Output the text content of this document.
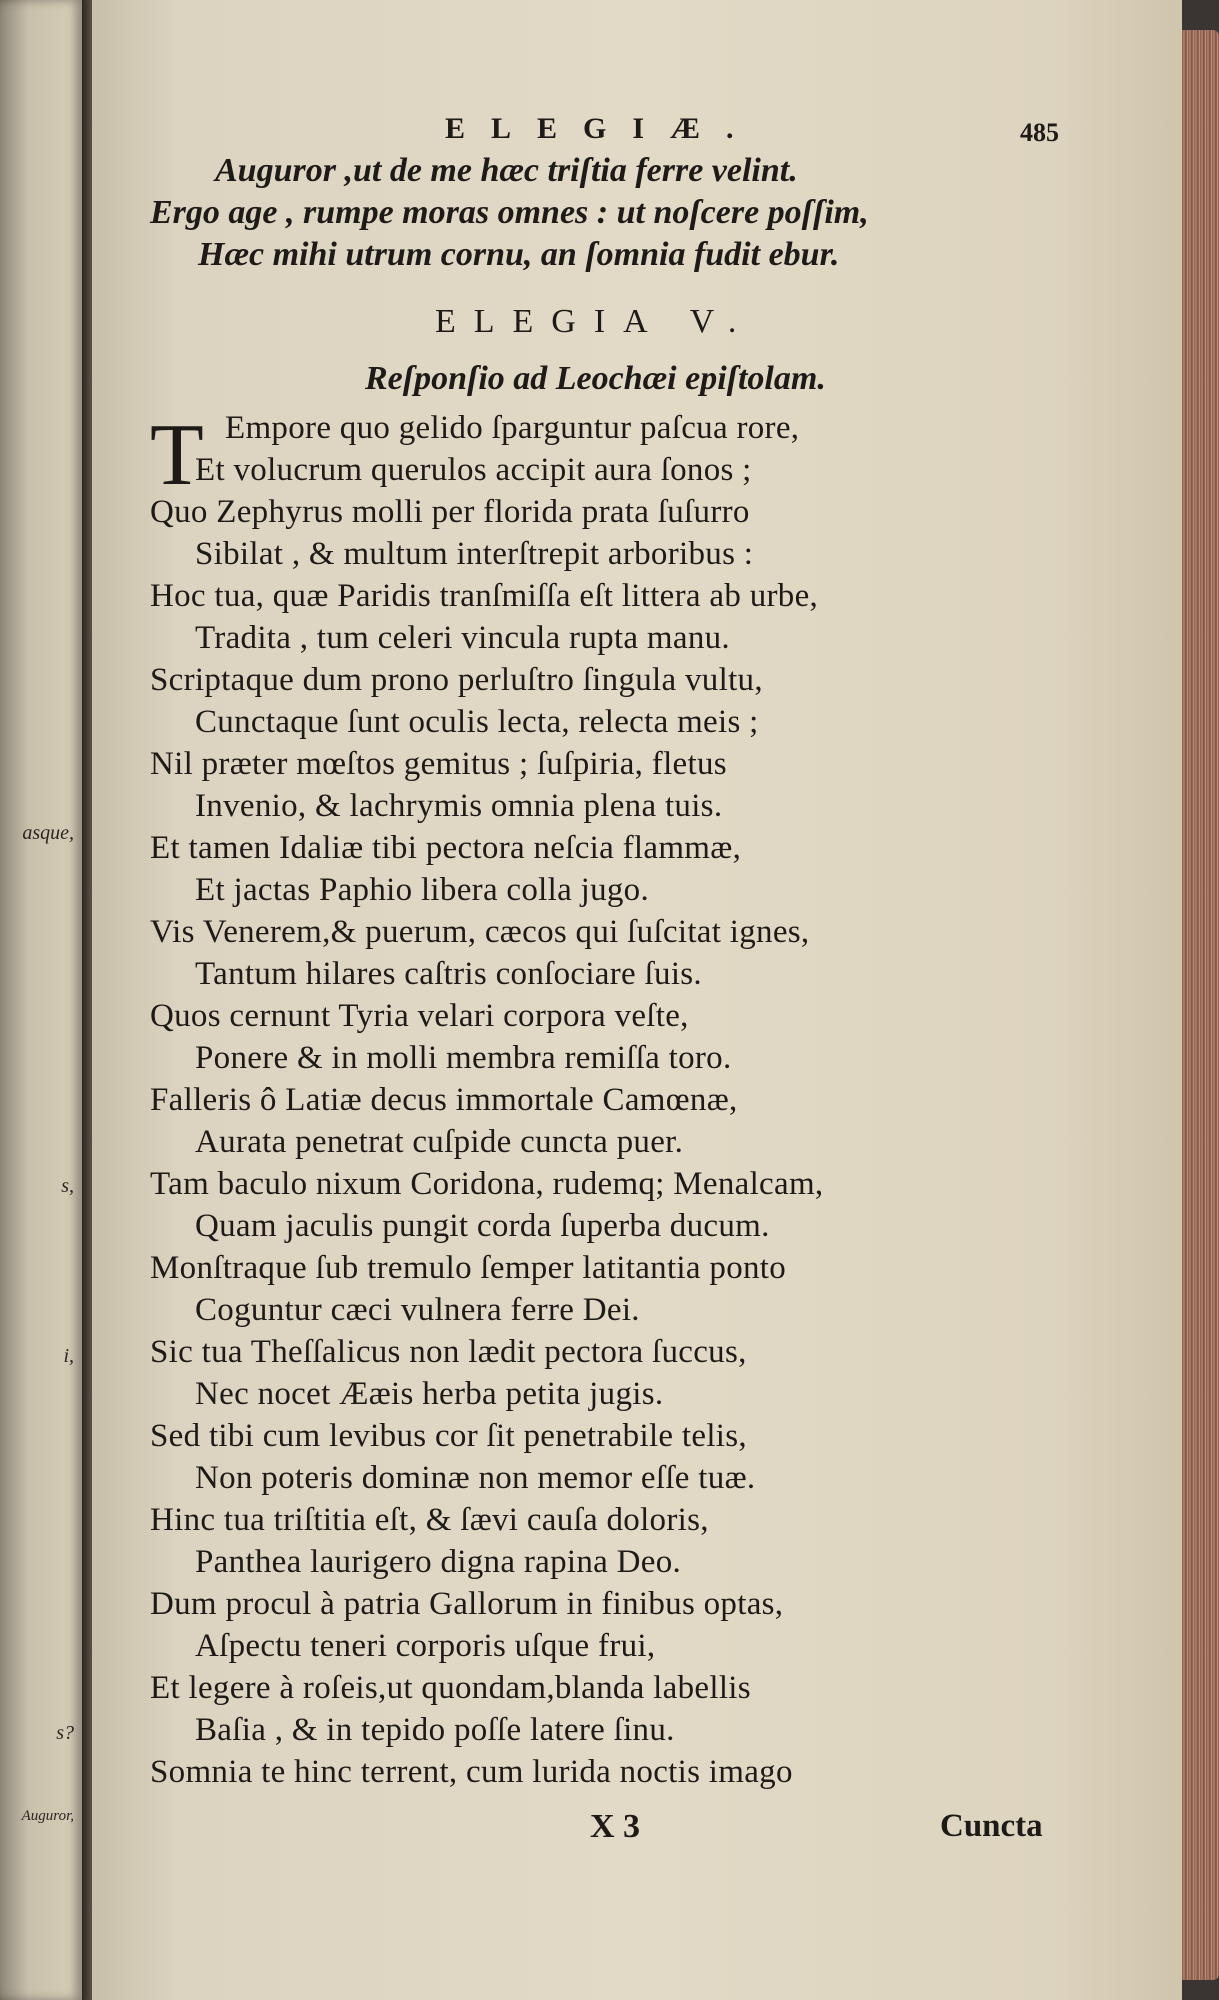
asque,
s,
i,
s?
Auguror,
ELEGIÆ.	485
Auguror ,ut de me hæc triſtia ferre velint.
Ergo age , rumpe moras omnes : ut noſcere poſſim,
Hæc mihi utrum cornu, an ſomnia fudit ebur.
ELEGIA V.
Reſponſio ad Leochæi epiſtolam.
T Empore quo gelido ſparguntur paſcua rore,
Et volucrum querulos accipit aura ſonos ;
Quo Zephyrus molli per florida prata ſuſurro
Sibilat , & multum interſtrepit arboribus :
Hoc tua, quæ Paridis tranſmiſſa eſt littera ab urbe,
Tradita , tum celeri vincula rupta manu.
Scriptaque dum prono perluſtro ſingula vultu,
Cunctaque ſunt oculis lecta, relecta meis ;
Nil præter mœſtos gemitus ; ſuſpiria, fletus
Invenio, & lachrymis omnia plena tuis.
Et tamen Idaliæ tibi pectora neſcia flammæ,
Et jactas Paphio libera colla jugo.
Vis Venerem,& puerum, cæcos qui ſuſcitat ignes,
Tantum hilares caſtris conſociare ſuis.
Quos cernunt Tyria velari corpora veſte,
Ponere & in molli membra remiſſa toro.
Falleris ô Latiæ decus immortale Camœnæ,
Aurata penetrat cuſpide cuncta puer.
Tam baculo nixum Coridona, rudemq; Menalcam,
Quam jaculis pungit corda ſuperba ducum.
Monſtraque ſub tremulo ſemper latitantia ponto
Coguntur cæci vulnera ferre Dei.
Sic tua Theſſalicus non lædit pectora ſuccus,
Nec nocet Ææis herba petita jugis.
Sed tibi cum levibus cor ſit penetrabile telis,
Non poteris dominæ non memor eſſe tuæ.
Hinc tua triſtitia eſt, & ſævi cauſa doloris,
Panthea laurigero digna rapina Deo.
Dum procul à patria Gallorum in finibus optas,
Aſpectu teneri corporis uſque frui,
Et legere à roſeis,ut quondam,blanda labellis
Baſia , & in tepido poſſe latere ſinu.
Somnia te hinc terrent, cum lurida noctis imago
X 3	Cuncta
